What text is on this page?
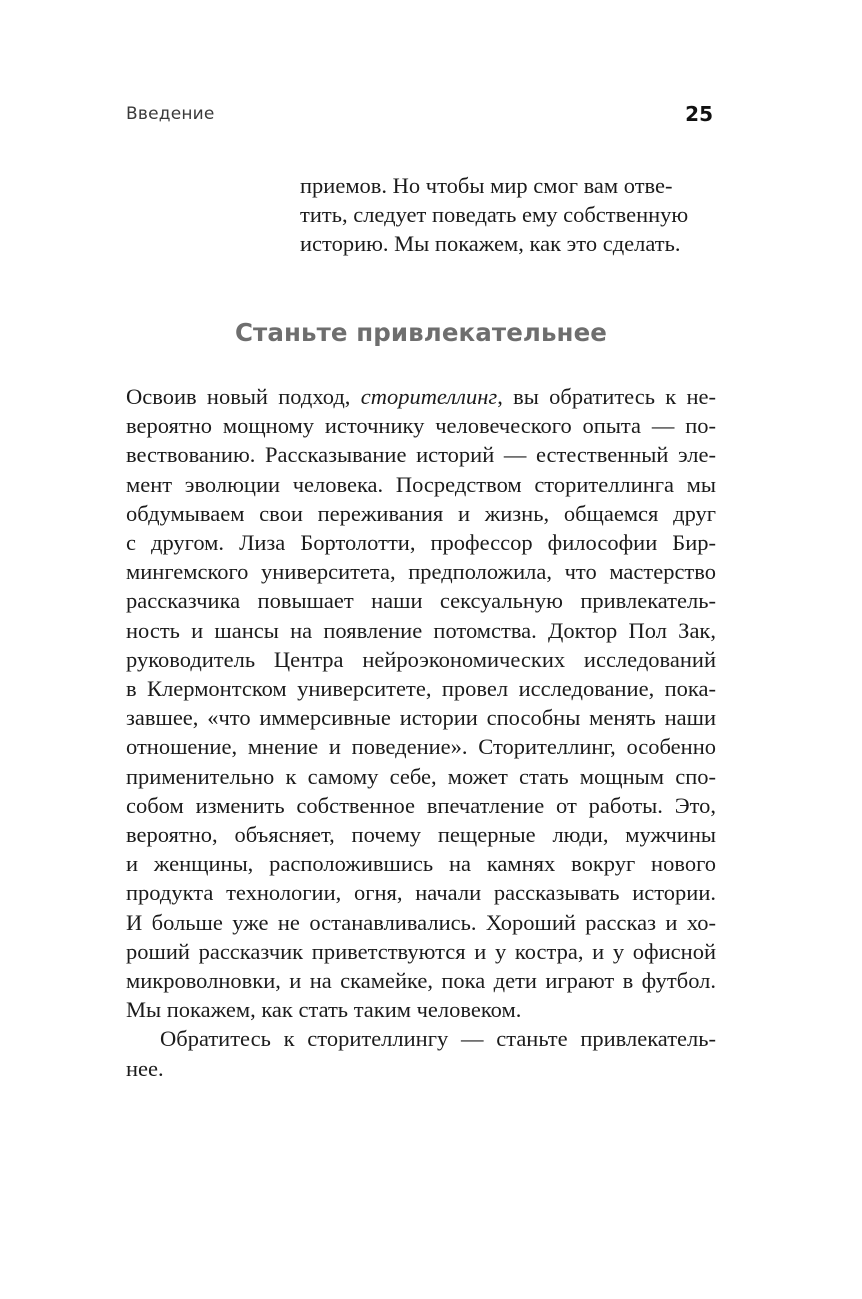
Введение	25
приемов. Но чтобы мир смог вам отве-
тить, следует поведать ему собственную
историю. Мы покажем, как это сделать.
Станьте привлекательнее
Освоив новый подход, сторителлинг, вы обратитесь к не-
вероятно мощному источнику человеческого опыта — по-
вествованию. Рассказывание историй — естественный эле-
мент эволюции человека. Посредством сторителлинга мы
обдумываем свои переживания и жизнь, общаемся друг
с другом. Лиза Бортолотти, профессор философии Бир-
мингемского университета, предположила, что мастерство
рассказчика повышает наши сексуальную привлекатель-
ность и шансы на появление потомства. Доктор Пол Зак,
руководитель Центра нейроэкономических исследований
в Клермонтском университете, провел исследование, пока-
завшее, «что иммерсивные истории способны менять наши
отношение, мнение и поведение». Сторителлинг, особенно
применительно к самому себе, может стать мощным спо-
собом изменить собственное впечатление от работы. Это,
вероятно, объясняет, почему пещерные люди, мужчины
и женщины, расположившись на камнях вокруг нового
продукта технологии, огня, начали рассказывать истории.
И больше уже не останавливались. Хороший рассказ и хо-
роший рассказчик приветствуются и у костра, и у офисной
микроволновки, и на скамейке, пока дети играют в футбол.
Мы покажем, как стать таким человеком.
Обратитесь к сторителлингу — станьте привлекатель-
нее.
